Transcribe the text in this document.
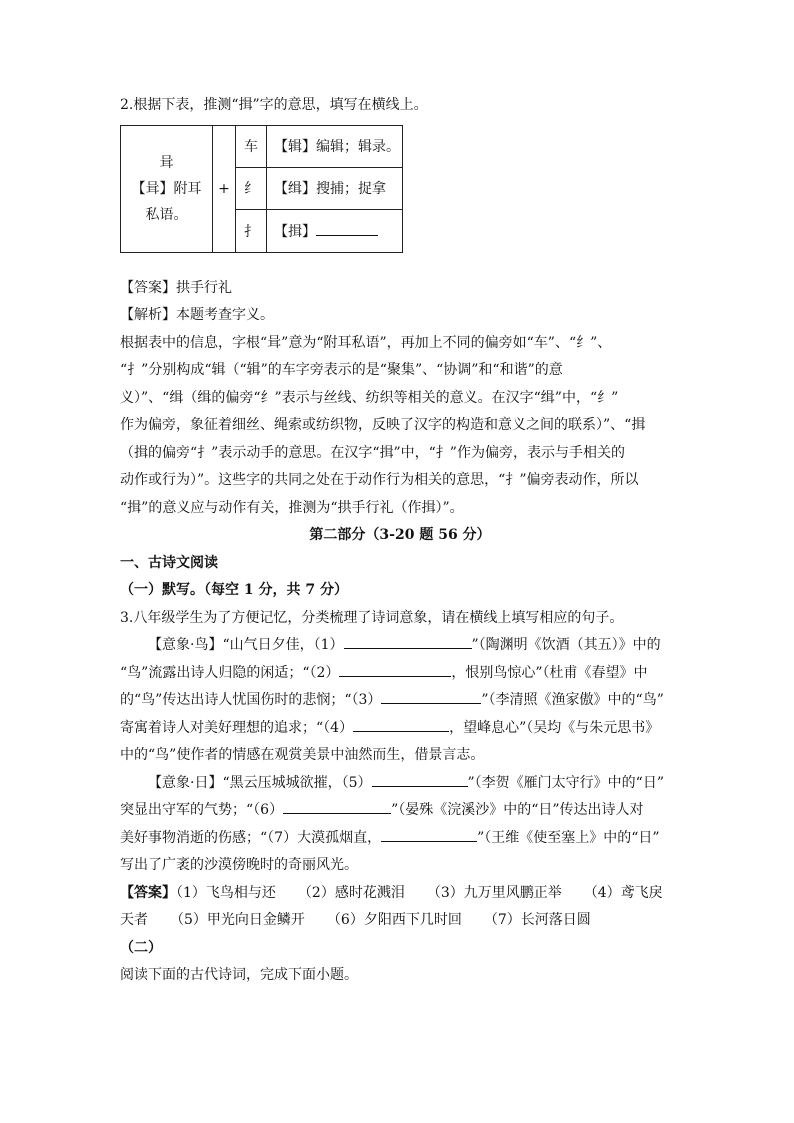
2.根据下表，推测“揖”字的意思，填写在横线上。

咠
【咠】附耳
私语。	+	车	【辑】编辑；辑录。
		纟	【缉】搜捕；捉拿
		扌	【揖】

【答案】拱手行礼

【解析】本题考查字义。

根据表中的信息，字根“咠”意为“附耳私语”，再加上不同的偏旁如“车”、“纟”、

“扌”分别构成“辑（“辑”的车字旁表示的是“聚集”、“协调”和“和谐”的意

义）”、“缉（缉的偏旁“纟”表示与丝线、纺织等相关的意义。在汉字“缉”中，“纟”

作为偏旁，象征着细丝、绳索或纺织物，反映了汉字的构造和意义之间的联系）”、“揖

（揖的偏旁“扌”表示动手的意思。在汉字“揖”中，“扌”作为偏旁，表示与手相关的

动作或行为）”。这些字的共同之处在于动作行为相关的意思，“扌”偏旁表动作，所以

“揖”的意义应与动作有关，推测为“拱手行礼（作揖）”。

第二部分（3-20 题 56 分）

一、古诗文阅读

（一）默写。（每空 1 分，共 7 分）

3.八年级学生为了方便记忆，分类梳理了诗词意象，请在横线上填写相应的句子。

【意象·鸟】“山气日夕佳，（1）	”（陶渊明《饮酒（其五）》中的

“鸟”流露出诗人归隐的闲适；“（2）	，恨别鸟惊心”（杜甫《春望》中

的“鸟”传达出诗人忧国伤时的悲悯；“（3）	”（李清照《渔家傲》中的“鸟”

寄寓着诗人对美好理想的追求；“（4）	，望峰息心”（吴均《与朱元思书》

中的“鸟”使作者的情感在观赏美景中油然而生，借景言志。

【意象·日】“黑云压城城欲摧，（5）	”（李贺《雁门太守行》中的“日”

突显出守军的气势；“（6）	”（晏殊《浣溪沙》中的“日”传达出诗人对

美好事物消逝的伤感；“（7）大漠孤烟直，	”（王维《使至塞上》中的“日”

写出了广袤的沙漠傍晚时的奇丽风光。

【答案】（1）飞鸟相与还 （2）感时花溅泪 （3）九万里风鹏正举 （4）鸢飞戾

天者 （5）甲光向日金鳞开 （6）夕阳西下几时回 （7）长河落日圆

（二）

阅读下面的古代诗词，完成下面小题。
